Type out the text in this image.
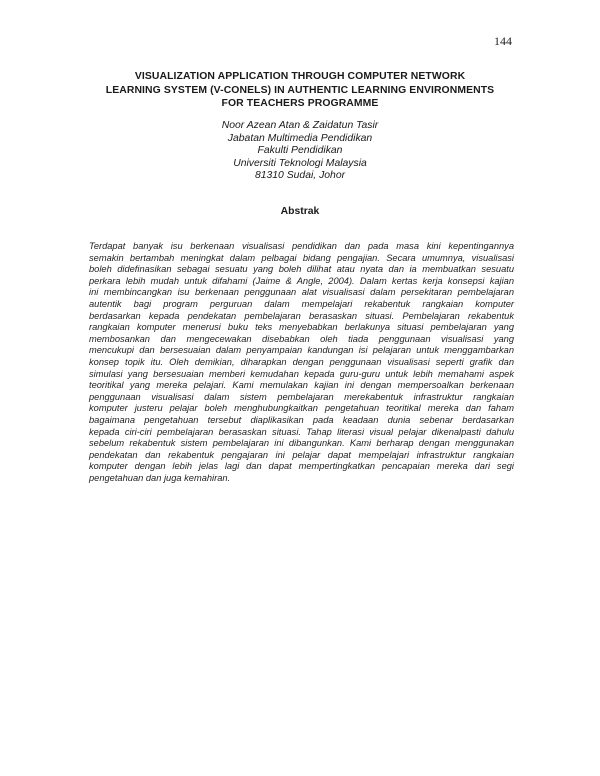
144
VISUALIZATION APPLICATION THROUGH COMPUTER NETWORK
LEARNING SYSTEM (V-CONELS) IN AUTHENTIC LEARNING ENVIRONMENTS
FOR TEACHERS PROGRAMME
Noor Azean Atan & Zaidatun Tasir
Jabatan Multimedia Pendidikan
Fakulti Pendidikan
Universiti Teknologi Malaysia
81310 Sudai, Johor
Abstrak
Terdapat banyak isu berkenaan visualisasi pendidikan dan pada masa kini kepentingannya
semakin bertambah meningkat dalam pelbagai bidang pengajian. Secara umumnya, visualisasi
boleh didefinasikan sebagai sesuatu yang boleh dilihat atau nyata dan ia membuatkan sesuatu
perkara lebih mudah untuk difahami (Jaime & Angle, 2004). Dalam kertas kerja konsepsi kajian
ini membincangkan isu berkenaan penggunaan alat visualisasi dalam persekitaran pembelajaran
autentik bagi program perguruan dalam mempelajari rekabentuk rangkaian komputer
berdasarkan kepada pendekatan pembelajaran berasaskan situasi. Pembelajaran rekabentuk
rangkaian komputer menerusi buku teks menyebabkan berlakunya situasi pembelajaran yang
membosankan dan mengecewakan disebabkan oleh tiada penggunaan visualisasi yang
mencukupi dan bersesuaian dalam penyampaian kandungan isi pelajaran untuk menggambarkan
konsep topik itu. Oleh demikian, diharapkan dengan penggunaan visualisasi seperti grafik dan
simulasi yang bersesuaian memberi kemudahan kepada guru-guru untuk lebih memahami aspek
teoritikal yang mereka pelajari. Kami memulakan kajian ini dengan mempersoalkan berkenaan
penggunaan visualisasi dalam sistem pembelajaran merekabentuk infrastruktur rangkaian
komputer justeru pelajar boleh menghubungkaitkan pengetahuan teoritikal mereka dan faham
bagaimana pengetahuan tersebut diaplikasikan pada keadaan dunia sebenar berdasarkan
kepada ciri-ciri pembelajaran berasaskan situasi. Tahap literasi visual pelajar dikenalpasti dahulu
sebelum rekabentuk sistem pembelajaran ini dibangunkan. Kami berharap dengan menggunakan
pendekatan dan rekabentuk pengajaran ini pelajar dapat mempelajari infrastruktur rangkaian
komputer dengan lebih jelas lagi dan dapat mempertingkatkan pencapaian mereka dari segi
pengetahuan dan juga kemahiran.
